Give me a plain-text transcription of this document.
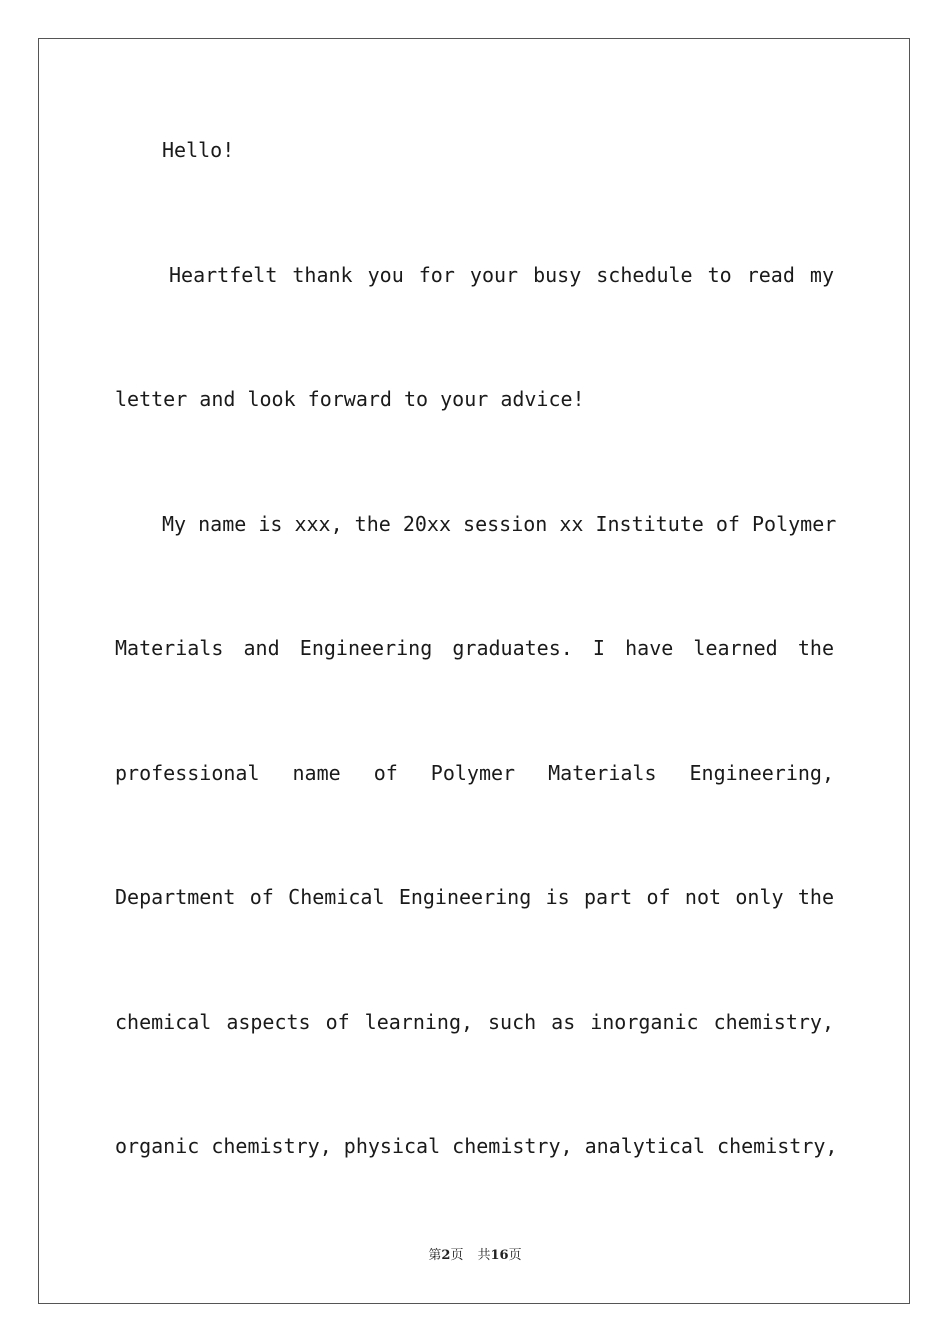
Hello!
Heartfelt thank you for your busy schedule to read my
letter and look forward to your advice!
My name is xxx, the 20xx session xx Institute of Polymer
Materials and Engineering graduates. I have learned the
professional name of Polymer Materials Engineering,
Department of Chemical Engineering is part of not only the
chemical aspects of learning, such as inorganic chemistry,
organic chemistry, physical chemistry, analytical chemistry,
第2页 共16页
